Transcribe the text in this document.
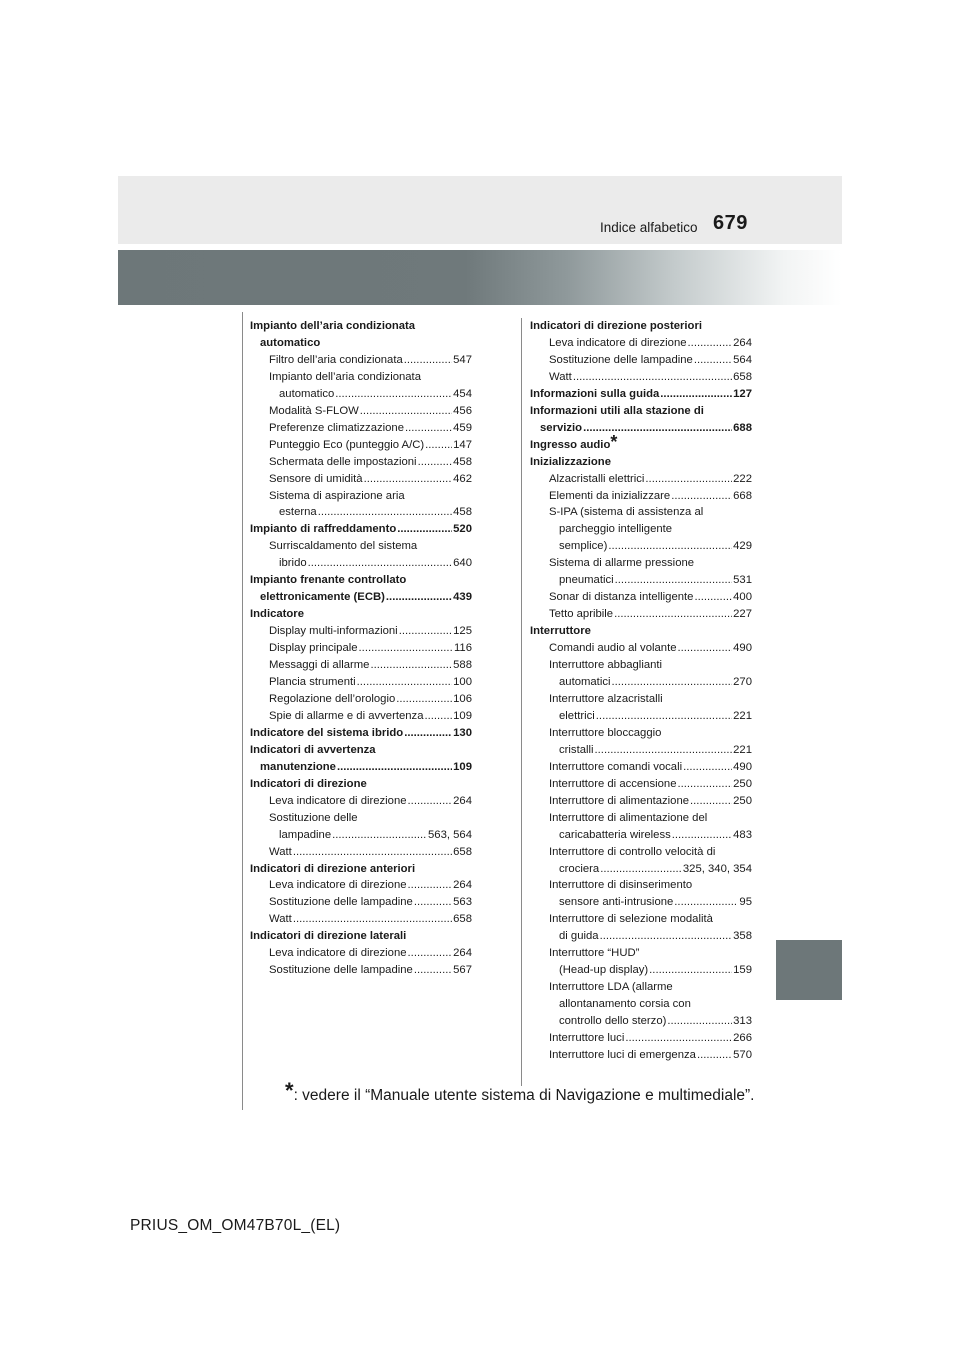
679
Indice alfabetico
Impianto dell’aria condizionata
automatico
Filtro dell’aria condizionata .....	547
Impianto dell’aria condizionata
automatico .....	454
Modalità S-FLOW .....	456
Preferenze climatizzazione .....	459
Punteggio Eco (punteggio A/C) .....	147
Schermata delle impostazioni .....	458
Sensore di umidità .....	462
Sistema di aspirazione aria
esterna .....	458
Impianto di raffreddamento .....	520
Surriscaldamento del sistema
ibrido .....	640
Impianto frenante controllato
elettronicamente (ECB) .....	439
Indicatore
Display multi-informazioni .....	125
Display principale .....	116
Messaggi di allarme .....	588
Plancia strumenti .....	100
Regolazione dell’orologio .....	106
Spie di allarme e di avvertenza .....	109
Indicatore del sistema ibrido .....	130
Indicatori di avvertenza
manutenzione .....	109
Indicatori di direzione
Leva indicatore di direzione .....	264
Sostituzione delle
lampadine .....	563, 564
Watt .....	658
Indicatori di direzione anteriori
Leva indicatore di direzione .....	264
Sostituzione delle lampadine .....	563
Watt .....	658
Indicatori di direzione laterali
Leva indicatore di direzione .....	264
Sostituzione delle lampadine .....	567
Indicatori di direzione posteriori
Leva indicatore di direzione .....	264
Sostituzione delle lampadine .....	564
Watt .....	658
Informazioni sulla guida .....	127
Informazioni utili alla stazione di
servizio .....	688
Ingresso audio *
Inizializzazione
Alzacristalli elettrici .....	222
Elementi da inizializzare .....	668
S-IPA (sistema di assistenza al
parcheggio intelligente
semplice) .....	429
Sistema di allarme pressione
pneumatici .....	531
Sonar di distanza intelligente .....	400
Tetto apribile .....	227
Interruttore
Comandi audio al volante .....	490
Interruttore abbaglianti
automatici .....	270
Interruttore alzacristalli
elettrici .....	221
Interruttore bloccaggio
cristalli .....	221
Interruttore comandi vocali .....	490
Interruttore di accensione .....	250
Interruttore di alimentazione .....	250
Interruttore di alimentazione del
caricabatteria wireless .....	483
Interruttore di controllo velocità di
crociera .....	325, 340, 354
Interruttore di disinserimento
sensore anti-intrusione .....	95
Interruttore di selezione modalità
di guida .....	358
Interruttore “HUD”
(Head-up display) .....	159
Interruttore LDA (allarme
allontanamento corsia con
controllo dello sterzo) .....	313
Interruttore luci .....	266
Interruttore luci di emergenza .....	570
*: vedere il “Manuale utente sistema di Navigazione e multimediale”.
PRIUS_OM_OM47B70L_(EL)
